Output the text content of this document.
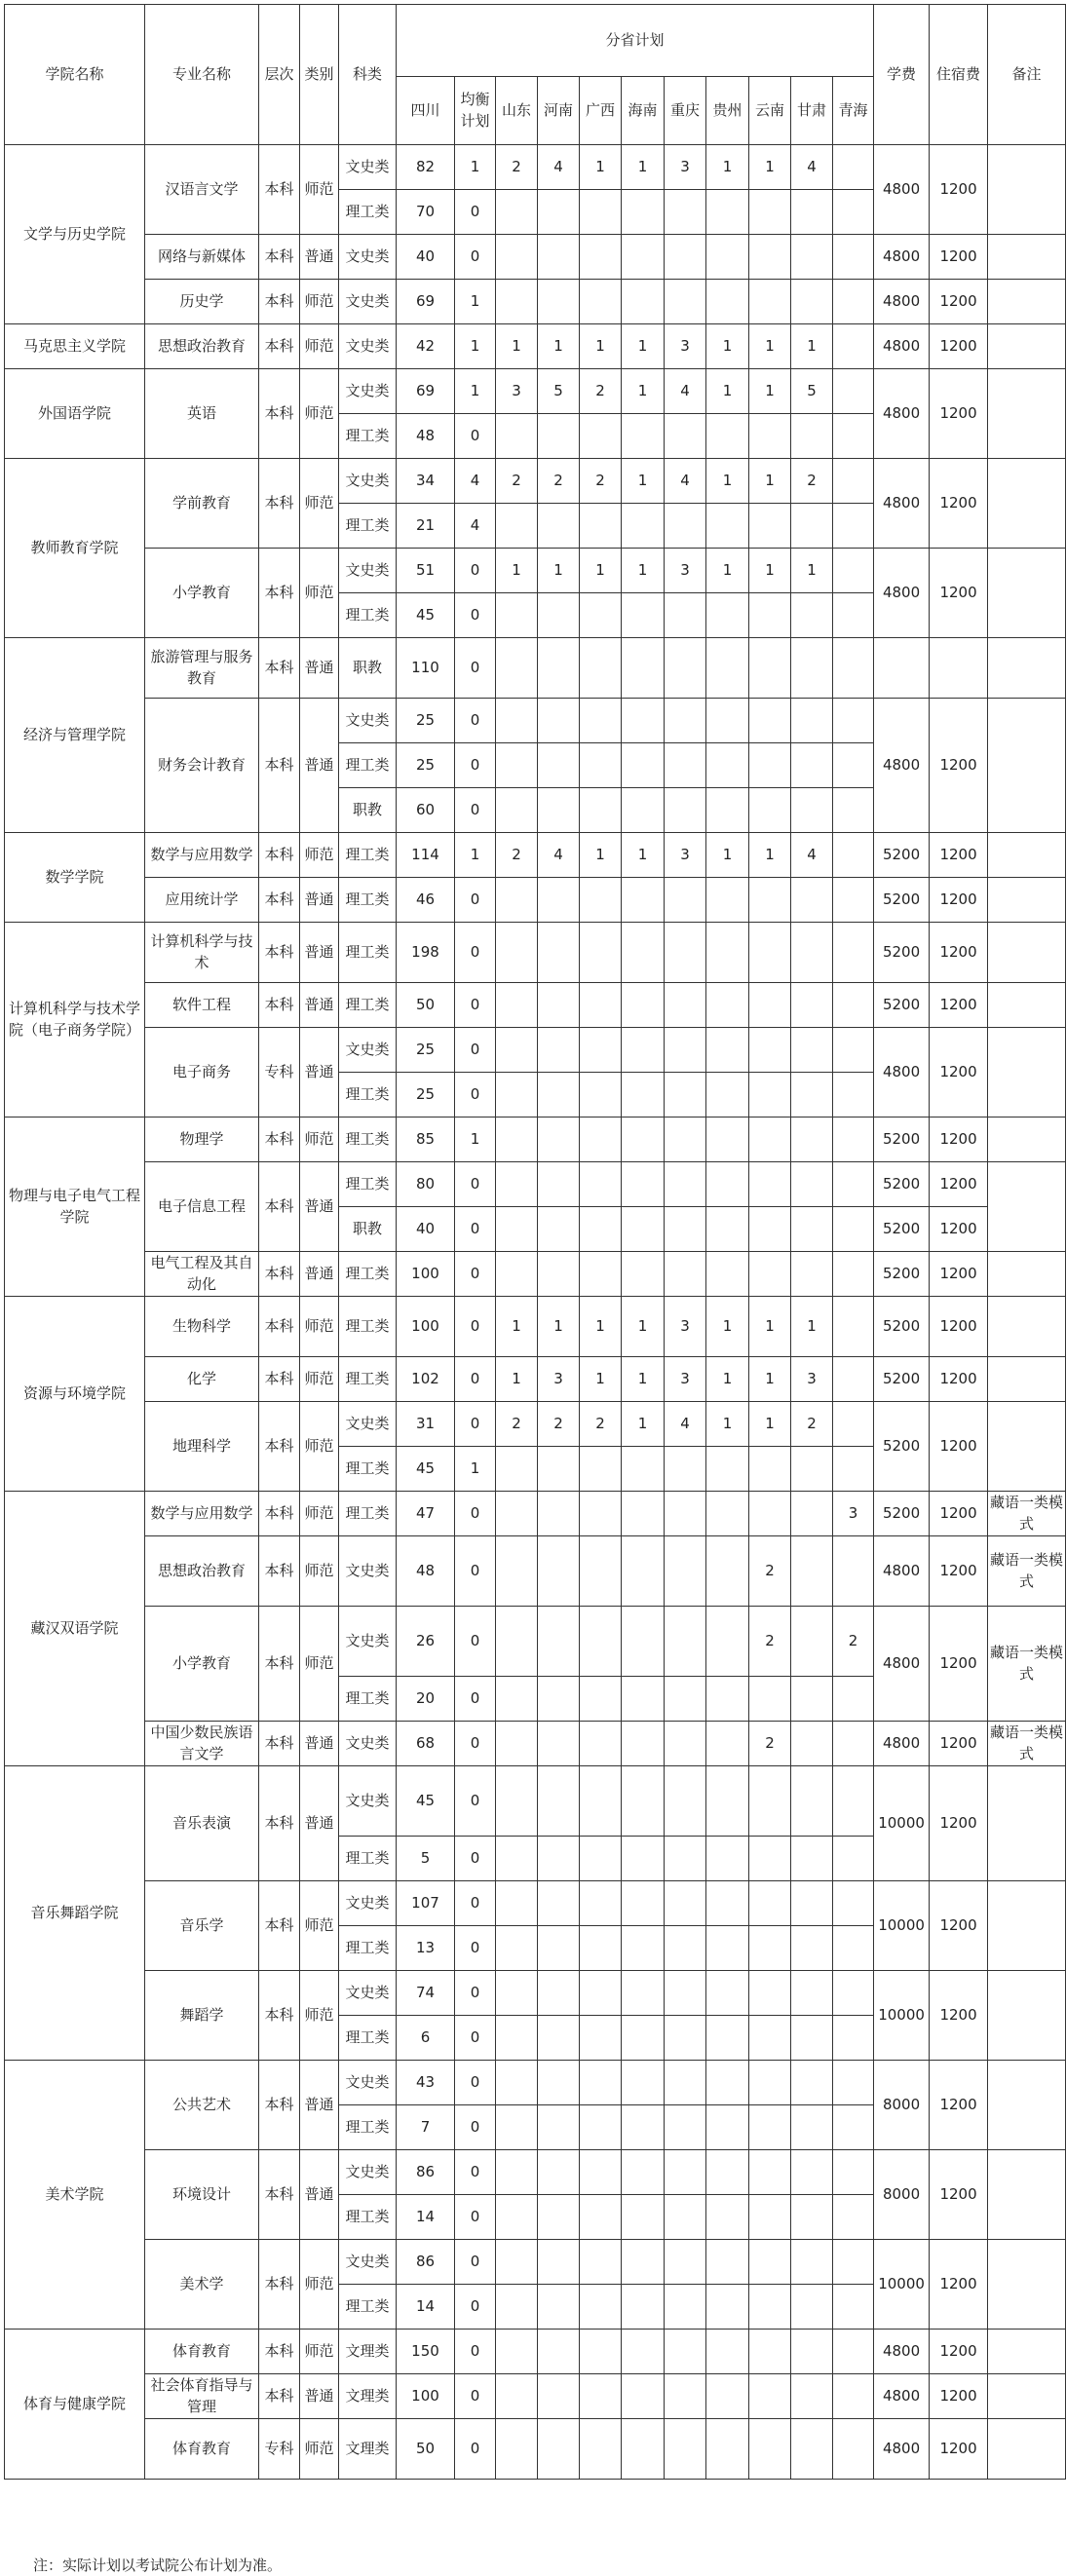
学院名称	专业名称	层次	类别	科类	分省计划											学费	住宿费	备注
					四川	均衡计划	山东	河南	广西	海南	重庆	贵州	云南	甘肃	青海			
文学与历史学院	汉语言文学	本科	师范	文史类	82	1	2	4	1	1	3	1	1	4		4800	1200	
				理工类	70	0												
	网络与新媒体	本科	普通	文史类	40	0										4800	1200	
	历史学	本科	师范	文史类	69	1										4800	1200	
马克思主义学院	思想政治教育	本科	师范	文史类	42	1	1	1	1	1	3	1	1	1		4800	1200	
外国语学院	英语	本科	师范	文史类	69	1	3	5	2	1	4	1	1	5		4800	1200	
				理工类	48	0												
教师教育学院	学前教育	本科	师范	文史类	34	4	2	2	2	1	4	1	1	2		4800	1200	
				理工类	21	4												
	小学教育	本科	师范	文史类	51	0	1	1	1	1	3	1	1	1		4800	1200	
				理工类	45	0												
经济与管理学院	旅游管理与服务教育	本科	普通	职教	110	0												
	财务会计教育	本科	普通	文史类	25	0										4800	1200	
				理工类	25	0												
				职教	60	0												
数学学院	数学与应用数学	本科	师范	理工类	114	1	2	4	1	1	3	1	1	4		5200	1200	
	应用统计学	本科	普通	理工类	46	0										5200	1200	
计算机科学与技术学院（电子商务学院）	计算机科学与技术	本科	普通	理工类	198	0										5200	1200	
	软件工程	本科	普通	理工类	50	0										5200	1200	
	电子商务	专科	普通	文史类	25	0										4800	1200	
				理工类	25	0												
物理与电子电气工程学院	物理学	本科	师范	理工类	85	1										5200	1200	
	电子信息工程	本科	普通	理工类	80	0										5200	1200	
				职教	40	0										5200	1200	
	电气工程及其自动化	本科	普通	理工类	100	0										5200	1200	
资源与环境学院	生物科学	本科	师范	理工类	100	0	1	1	1	1	3	1	1	1		5200	1200	
	化学	本科	师范	理工类	102	0	1	3	1	1	3	1	1	3		5200	1200	
	地理科学	本科	师范	文史类	31	0	2	2	2	1	4	1	1	2		5200	1200	
				理工类	45	1												
藏汉双语学院	数学与应用数学	本科	师范	理工类	47	0									3	5200	1200	藏语一类模式
	思想政治教育	本科	师范	文史类	48	0							2			4800	1200	藏语一类模式
	小学教育	本科	师范	文史类	26	0							2		2	4800	1200	藏语一类模式
				理工类	20	0												
	中国少数民族语言文学	本科	普通	文史类	68	0							2			4800	1200	藏语一类模式
音乐舞蹈学院	音乐表演	本科	普通	文史类	45	0										10000	1200	
				理工类	5	0												
	音乐学	本科	师范	文史类	107	0										10000	1200	
				理工类	13	0												
	舞蹈学	本科	师范	文史类	74	0										10000	1200	
				理工类	6	0												
美术学院	公共艺术	本科	普通	文史类	43	0										8000	1200	
				理工类	7	0												
	环境设计	本科	普通	文史类	86	0										8000	1200	
				理工类	14	0												
	美术学	本科	师范	文史类	86	0										10000	1200	
				理工类	14	0												
体育与健康学院	体育教育	本科	师范	文理类	150	0										4800	1200	
	社会体育指导与管理	本科	普通	文理类	100	0										4800	1200	
	体育教育	专科	师范	文理类	50	0										4800	1200	
注：实际计划以考试院公布计划为准。
